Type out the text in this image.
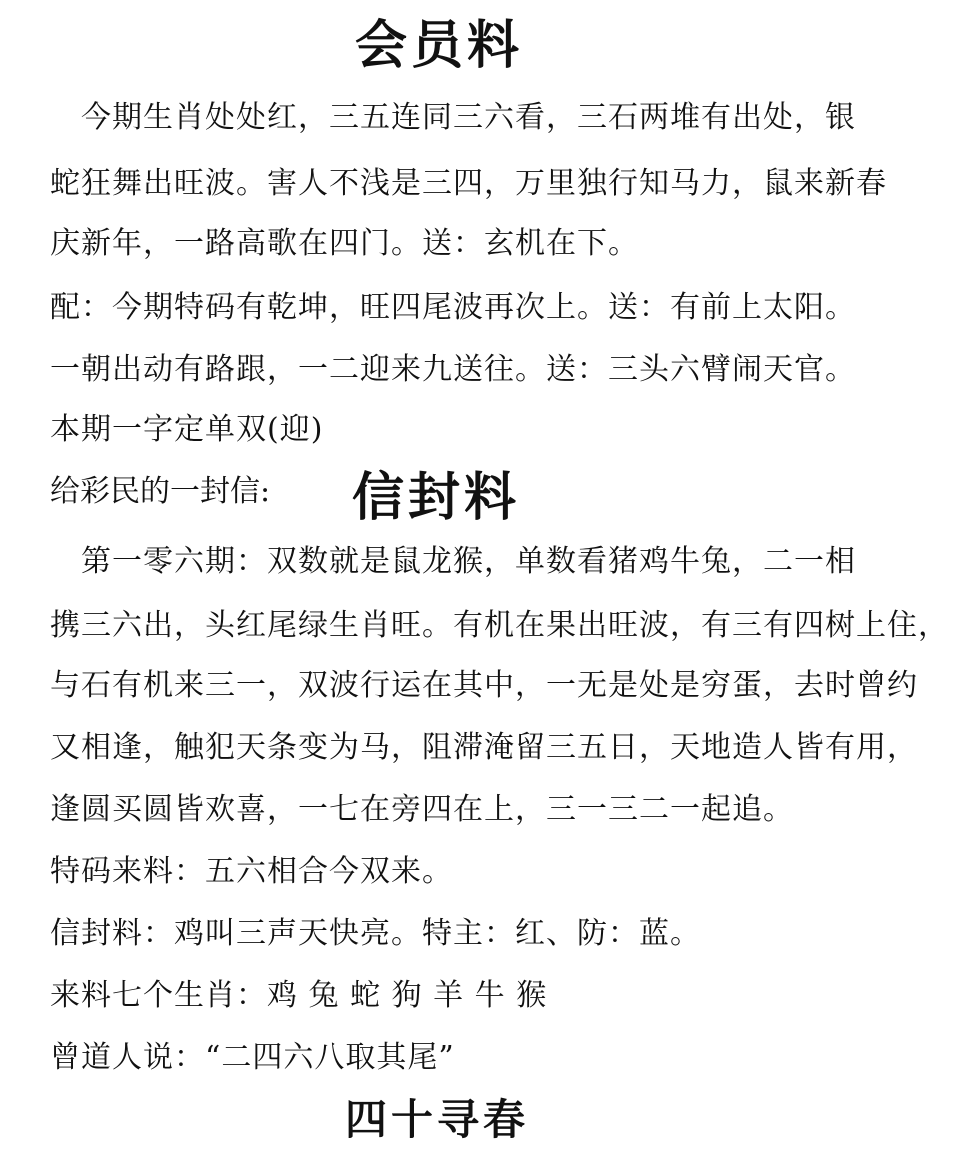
会员料
　今期生肖处处红，三五连同三六看，三石两堆有出处，银
蛇狂舞出旺波。害人不浅是三四，万里独行知马力，鼠来新春
庆新年，一路高歌在四门。送：玄机在下。
配：今期特码有乾坤，旺四尾波再次上。送：有前上太阳。
一朝出动有路跟，一二迎来九送往。送：三头六臂闹天官。
本期一字定单双(迎)
给彩民的一封信: 信封料
　第一零六期：双数就是鼠龙猴，单数看猪鸡牛兔，二一相
携三六出，头红尾绿生肖旺。有机在果出旺波，有三有四树上住，
与石有机来三一，双波行运在其中，一无是处是穷蛋，去时曾约
又相逢，触犯天条变为马，阻滞淹留三五日，天地造人皆有用，
逢圆买圆皆欢喜，一七在旁四在上，三一三二一起追。
特码来料：五六相合今双来。
信封料：鸡叫三声天快亮。特主：红、防：蓝。
来料七个生肖：鸡 兔 蛇 狗 羊 牛 猴
曾道人说：“二四六八取其尾”
四十寻春
